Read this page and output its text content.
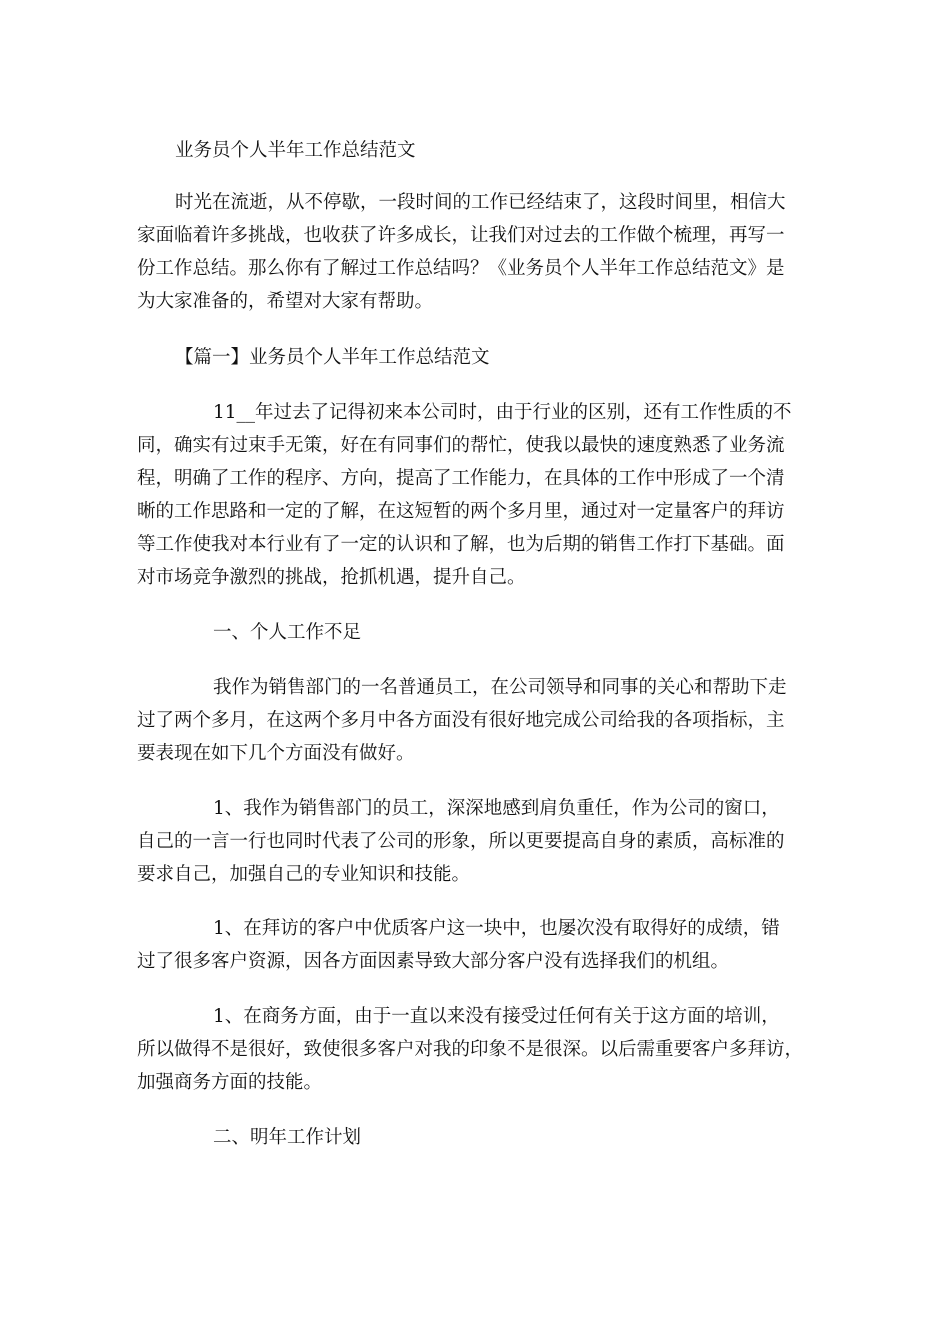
业务员个人半年工作总结范文

时光在流逝，从不停歇，一段时间的工作已经结束了，这段时间里，相信大
家面临着许多挑战，也收获了许多成长，让我们对过去的工作做个梳理，再写一
份工作总结。那么你有了解过工作总结吗？《业务员个人半年工作总结范文》是
为大家准备的，希望对大家有帮助。

【篇一】业务员个人半年工作总结范文

11__年过去了记得初来本公司时，由于行业的区别，还有工作性质的不
同，确实有过束手无策，好在有同事们的帮忙，使我以最快的速度熟悉了业务流
程，明确了工作的程序、方向，提高了工作能力，在具体的工作中形成了一个清
晰的工作思路和一定的了解，在这短暂的两个多月里，通过对一定量客户的拜访
等工作使我对本行业有了一定的认识和了解，也为后期的销售工作打下基础。面
对市场竞争激烈的挑战，抢抓机遇，提升自己。

一、个人工作不足

我作为销售部门的一名普通员工，在公司领导和同事的关心和帮助下走
过了两个多月，在这两个多月中各方面没有很好地完成公司给我的各项指标，主
要表现在如下几个方面没有做好。

1、我作为销售部门的员工，深深地感到肩负重任，作为公司的窗口，
自己的一言一行也同时代表了公司的形象，所以更要提高自身的素质，高标准的
要求自己，加强自己的专业知识和技能。

1、在拜访的客户中优质客户这一块中，也屡次没有取得好的成绩，错
过了很多客户资源，因各方面因素导致大部分客户没有选择我们的机组。

1、在商务方面，由于一直以来没有接受过任何有关于这方面的培训，
所以做得不是很好，致使很多客户对我的印象不是很深。以后需重要客户多拜访，
加强商务方面的技能。

二、明年工作计划
